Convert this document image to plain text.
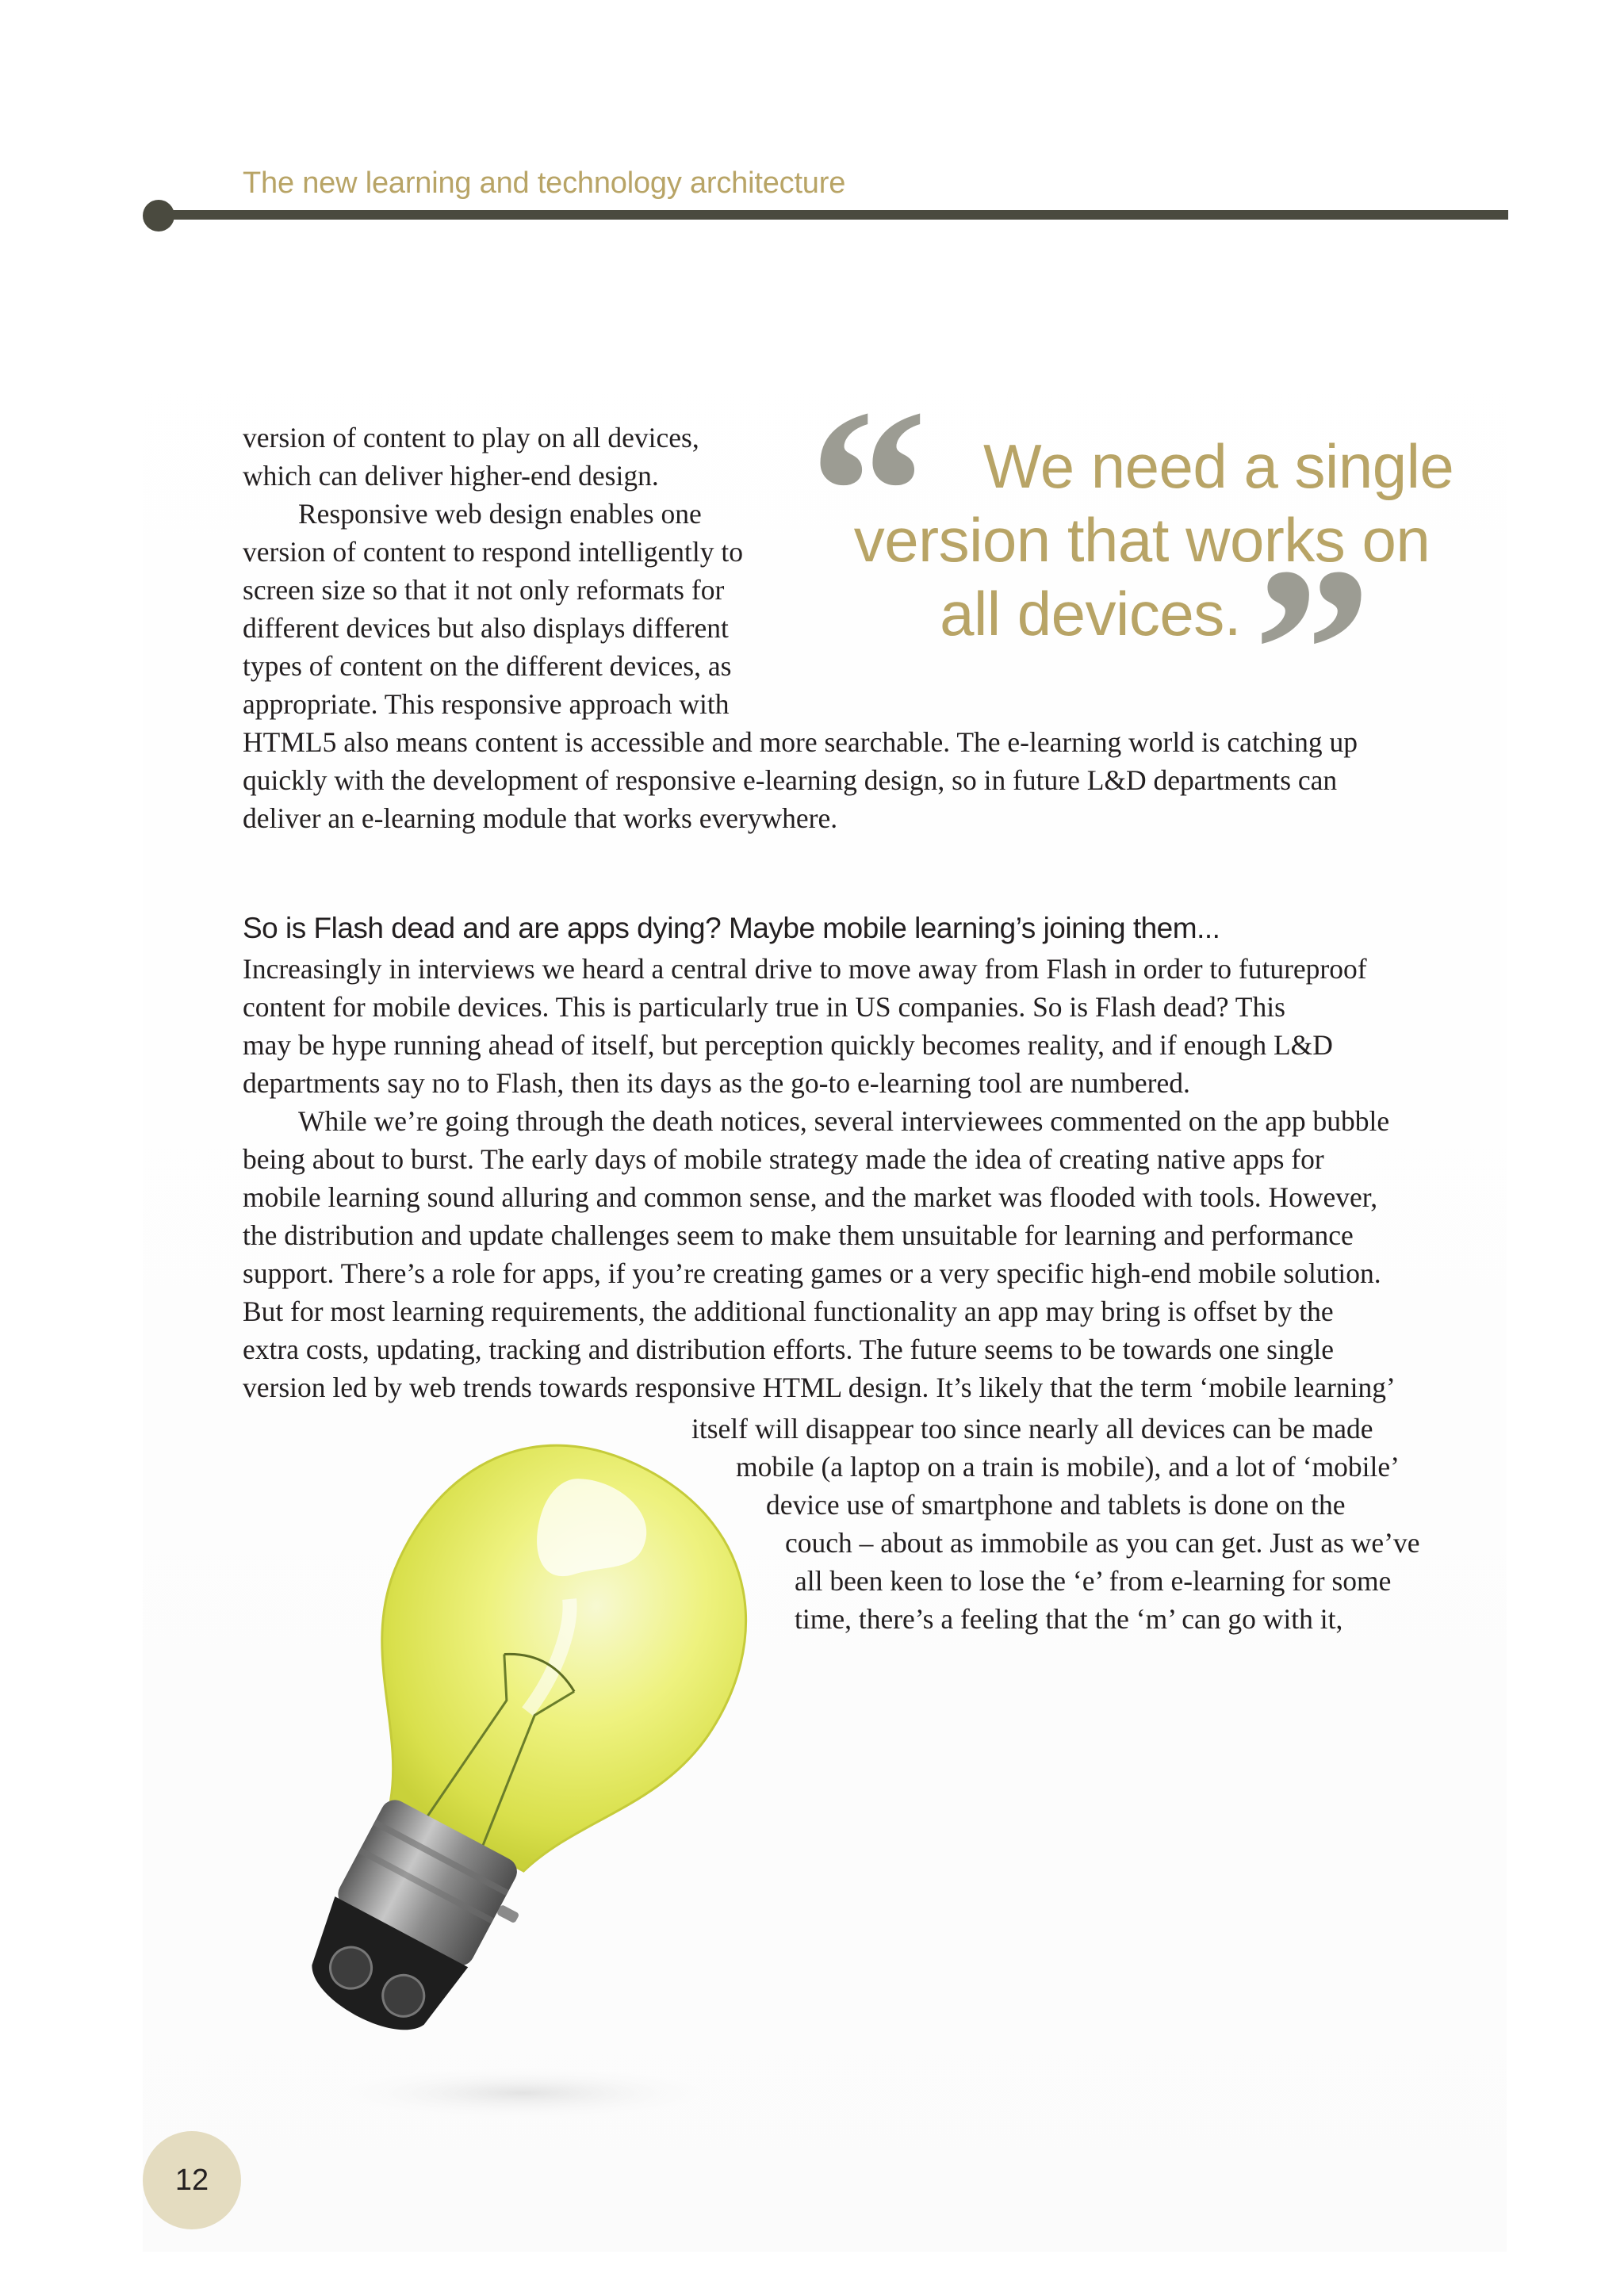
The new learning and technology architecture

version of content to play on all devices,
which can deliver higher-end design.
Responsive web design enables one
version of content to respond intelligently to
screen size so that it not only reformats for
different devices but also displays different
types of content on the different devices, as
appropriate. This responsive approach with
HTML5 also means content is accessible and more searchable. The e-learning world is catching up
quickly with the development of responsive e-learning design, so in future L&D departments can
deliver an e-learning module that works everywhere.

“ We need a single
version that works on
all devices. ”
So is Flash dead and are apps dying? Maybe mobile learning’s joining them...

Increasingly in interviews we heard a central drive to move away from Flash in order to futureproof
content for mobile devices. This is particularly true in US companies. So is Flash dead? This
may be hype running ahead of itself, but perception quickly becomes reality, and if enough L&D
departments say no to Flash, then its days as the go-to e-learning tool are numbered.
While we’re going through the death notices, several interviewees commented on the app bubble
being about to burst. The early days of mobile strategy made the idea of creating native apps for
mobile learning sound alluring and common sense, and the market was flooded with tools. However,
the distribution and update challenges seem to make them unsuitable for learning and performance
support. There’s a role for apps, if you’re creating games or a very specific high-end mobile solution.
But for most learning requirements, the additional functionality an app may bring is offset by the
extra costs, updating, tracking and distribution efforts. The future seems to be towards one single
version led by web trends towards responsive HTML design. It’s likely that the term ‘mobile learning’

itself will disappear too since nearly all devices can be made
mobile (a laptop on a train is mobile), and a lot of ‘mobile’
device use of smartphone and tablets is done on the
couch – about as immobile as you can get. Just as we’ve
all been keen to lose the ‘e’ from e-learning for some
time, there’s a feeling that the ‘m’ can go with it,
12
